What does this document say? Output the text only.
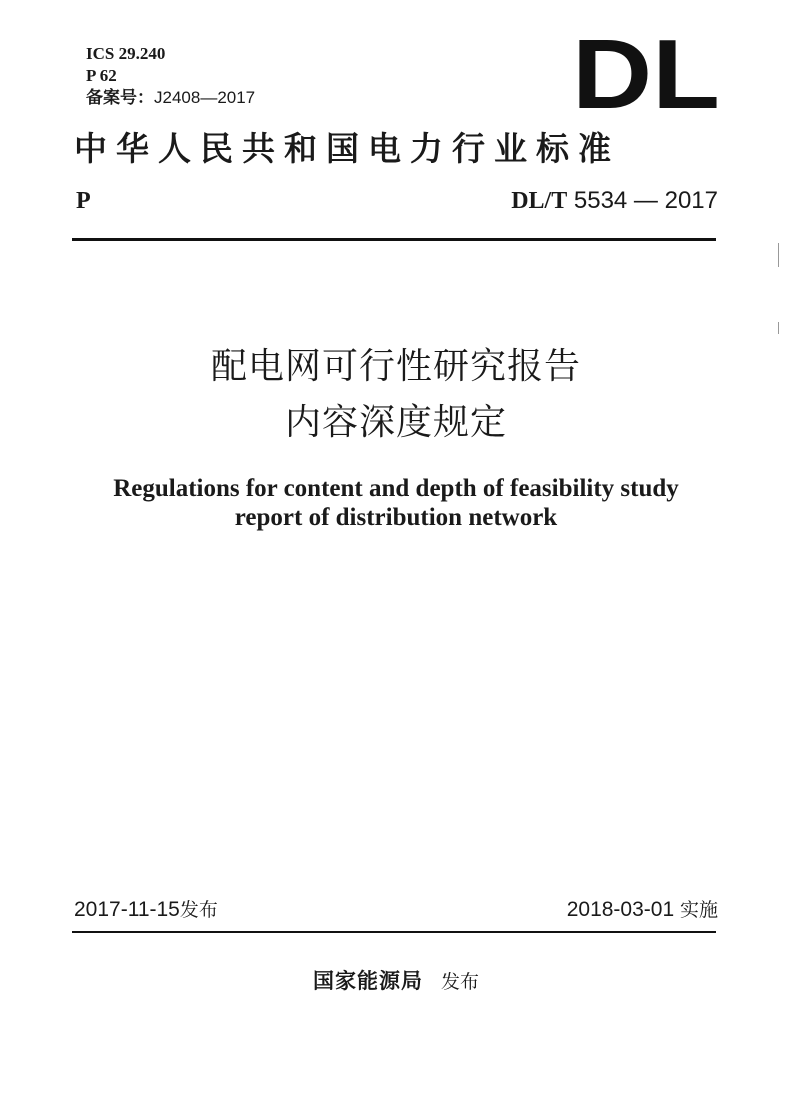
ICS 29.240
P 62
备案号：J2408—2017	DL
中华人民共和国电力行业标准
P	DL/T 5534 — 2017
配电网可行性研究报告
内容深度规定
Regulations for content and depth of feasibility study
report of distribution network
2017-11-15发布	2018-03-01 实施
国家能源局 发布
